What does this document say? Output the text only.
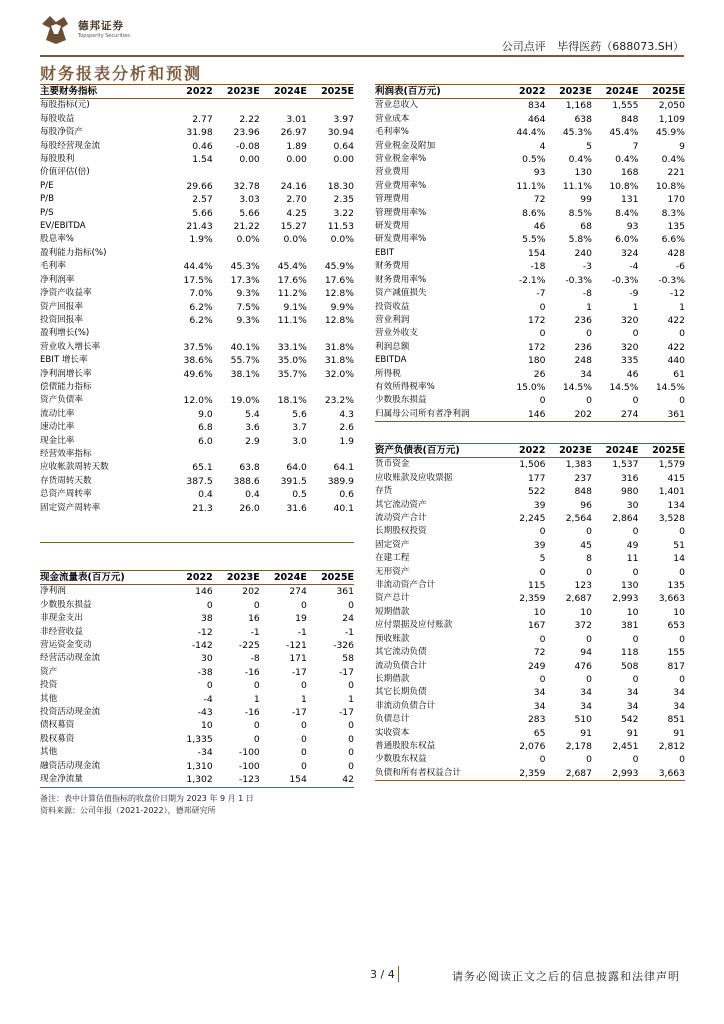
德邦证券
Topsperity Securities
公司点评 毕得医药（688073.SH）
财务报表分析和预测
主要财务指标	2022	2023E	2024E	2025E
每股指标(元)				
每股收益	2.77	2.22	3.01	3.97
每股净资产	31.98	23.96	26.97	30.94
每股经营现金流	0.46	-0.08	1.89	0.64
每股股利	1.54	0.00	0.00	0.00
价值评估(倍)				
P/E	29.66	32.78	24.16	18.30
P/B	2.57	3.03	2.70	2.35
P/S	5.66	5.66	4.25	3.22
EV/EBITDA	21.43	21.22	15.27	11.53
股息率%	1.9%	0.0%	0.0%	0.0%
盈利能力指标(%)				
毛利率	44.4%	45.3%	45.4%	45.9%
净利润率	17.5%	17.3%	17.6%	17.6%
净资产收益率	7.0%	9.3%	11.2%	12.8%
资产回报率	6.2%	7.5%	9.1%	9.9%
投资回报率	6.2%	9.3%	11.1%	12.8%
盈利增长(%)				
营业收入增长率	37.5%	40.1%	33.1%	31.8%
EBIT 增长率	38.6%	55.7%	35.0%	31.8%
净利润增长率	49.6%	38.1%	35.7%	32.0%
偿债能力指标				
资产负债率	12.0%	19.0%	18.1%	23.2%
流动比率	9.0	5.4	5.6	4.3
速动比率	6.8	3.6	3.7	2.6
现金比率	6.0	2.9	3.0	1.9
经营效率指标				
应收帐款周转天数	65.1	63.8	64.0	64.1
存货周转天数	387.5	388.6	391.5	389.9
总资产周转率	0.4	0.4	0.5	0.6
固定资产周转率	21.3	26.0	31.6	40.1

现金流量表(百万元)	2022	2023E	2024E	2025E
净利润	146	202	274	361
少数股东损益	0	0	0	0
非现金支出	38	16	19	24
非经营收益	-12	-1	-1	-1
营运资金变动	-142	-225	-121	-326
经营活动现金流	30	-8	171	58
资产	-38	-16	-17	-17
投资	0	0	0	0
其他	-4	1	1	1
投资活动现金流	-43	-16	-17	-17
债权募资	10	0	0	0
股权募资	1,335	0	0	0
其他	-34	-100	0	0
融资活动现金流	1,310	-100	0	0
现金净流量	1,302	-123	154	42
利润表(百万元)	2022	2023E	2024E	2025E
营业总收入	834	1,168	1,555	2,050
营业成本	464	638	848	1,109
毛利率%	44.4%	45.3%	45.4%	45.9%
营业税金及附加	4	5	7	9
营业税金率%	0.5%	0.4%	0.4%	0.4%
营业费用	93	130	168	221
营业费用率%	11.1%	11.1%	10.8%	10.8%
管理费用	72	99	131	170
管理费用率%	8.6%	8.5%	8.4%	8.3%
研发费用	46	68	93	135
研发费用率%	5.5%	5.8%	6.0%	6.6%
EBIT	154	240	324	428
财务费用	-18	-3	-4	-6
财务费用率%	-2.1%	-0.3%	-0.3%	-0.3%
资产减值损失	-7	-8	-9	-12
投资收益	0	1	1	1
营业利润	172	236	320	422
营业外收支	0	0	0	0
利润总额	172	236	320	422
EBITDA	180	248	335	440
所得税	26	34	46	61
有效所得税率%	15.0%	14.5%	14.5%	14.5%
少数股东损益	0	0	0	0
归属母公司所有者净利润	146	202	274	361
资产负债表(百万元)	2022	2023E	2024E	2025E
货币资金	1,506	1,383	1,537	1,579
应收账款及应收票据	177	237	316	415
存货	522	848	980	1,401
其它流动资产	39	96	30	134
流动资产合计	2,245	2,564	2,864	3,528
长期股权投资	0	0	0	0
固定资产	39	45	49	51
在建工程	5	8	11	14
无形资产	0	0	0	0
非流动资产合计	115	123	130	135
资产总计	2,359	2,687	2,993	3,663
短期借款	10	10	10	10
应付票据及应付账款	167	372	381	653
预收账款	0	0	0	0
其它流动负债	72	94	118	155
流动负债合计	249	476	508	817
长期借款	0	0	0	0
其它长期负债	34	34	34	34
非流动负债合计	34	34	34	34
负债总计	283	510	542	851
实收资本	65	91	91	91
普通股股东权益	2,076	2,178	2,451	2,812
少数股东权益	0	0	0	0
负债和所有者权益合计	2,359	2,687	2,993	3,663
备注：表中计算估值指标的收盘价日期为 2023 年 9 月 1 日
资料来源：公司年报（2021-2022），德邦研究所
3 / 4	请务必阅读正文之后的信息披露和法律声明
